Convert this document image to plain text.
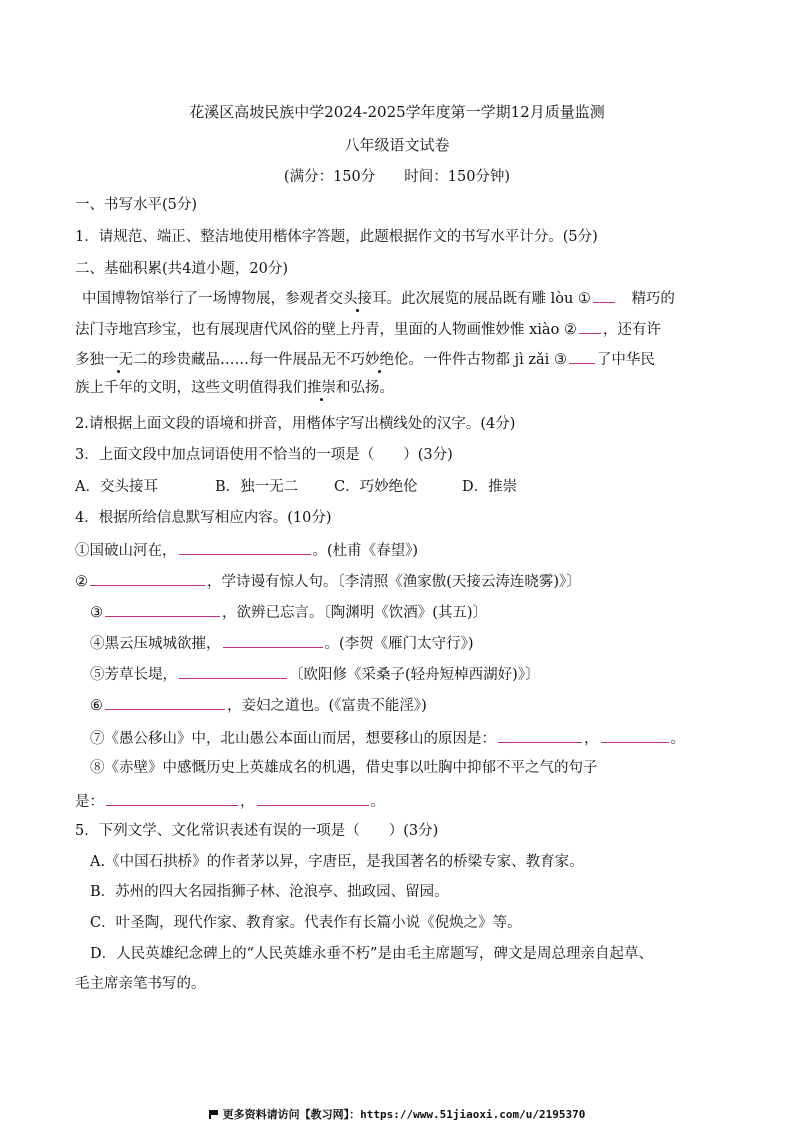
花溪区高坡民族中学2024-2025学年度第一学期12月质量监测
八年级语文试卷
(满分：150分　　时间：150分钟)
一、书写水平(5分)
1．请规范、端正、整洁地使用楷体字答题，此题根据作文的书写水平计分。(5分)
二、基础积累(共4道小题，20分)
中国博物馆举行了一场博物展，参观者交头接耳。此次展览的展品既有雕 lòu ①　	精巧的
法门寺地宫珍宝，也有展现唐代风俗的壁上丹青，里面的人物画惟妙惟 xiào ② ，还有许
多独一无二的珍贵藏品……每一件展品无不巧妙绝伦。一件件古物都 jì zǎi ③ 了中华民
族上千年的文明，这些文明值得我们推崇和弘扬。
2.请根据上面文段的语境和拼音，用楷体字写出横线处的汉字。(4分)
3．上面文段中加点词语使用不恰当的一项是（　　）(3分)
A．交头接耳	B．独一无二 C．巧妙绝伦	D．推崇
4．根据所给信息默写相应内容。(10分)
①国破山河在，	。(杜甫《春望》)
②	，学诗谩有惊人句。〔李清照《渔家傲(天接云涛连晓雾)》〕
③	，欲辨已忘言。〔陶渊明《饮酒》(其五)〕
④黑云压城城欲摧，	。(李贺《雁门太守行》)
⑤芳草长堤，	〔欧阳修《采桑子(轻舟短棹西湖好)》〕
⑥	，妾妇之道也。(《富贵不能淫》)
⑦《愚公移山》中，北山愚公本面山而居，想要移山的原因是：	，	。
⑧《赤壁》中感慨历史上英雄成名的机遇，借史事以吐胸中抑郁不平之气的句子
是：	，	。
5．下列文学、文化常识表述有误的一项是（　　）(3分)
A.《中国石拱桥》的作者茅以昇，字唐臣，是我国著名的桥梁专家、教育家。
B．苏州的四大名园指狮子林、沧浪亭、拙政园、留园。
C．叶圣陶，现代作家、教育家。代表作有长篇小说《倪焕之》等。
D．人民英雄纪念碑上的“人民英雄永垂不朽”是由毛主席题写，碑文是周总理亲自起草、
毛主席亲笔书写的。
更多资料请访问【教习网】：https://www.51jiaoxi.com/u/2195370
